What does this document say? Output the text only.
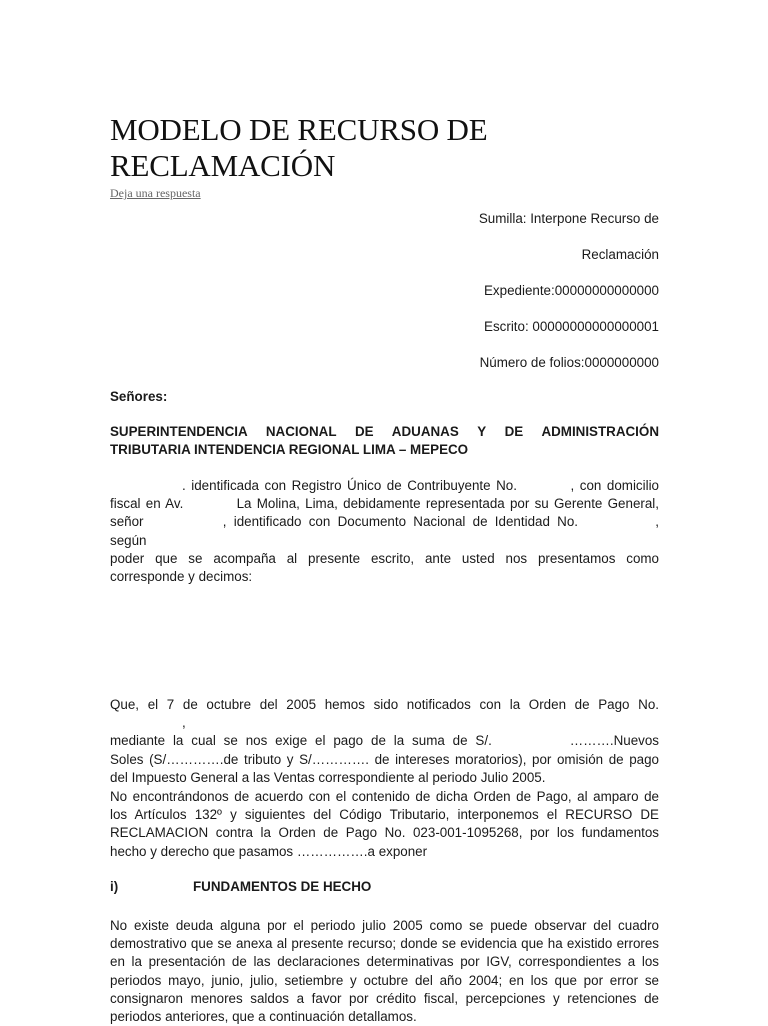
MODELO DE RECURSO DE
RECLAMACIÓN
Deja una respuesta

Sumilla: Interpone Recurso de

Reclamación

Expediente:00000000000000

Escrito: 00000000000000001

Número de folios:0000000000

Señores:

SUPERINTENDENCIA NACIONAL DE ADUANAS Y DE ADMINISTRACIÓN
TRIBUTARIA INTENDENCIA REGIONAL LIMA – MEPECO

. identificada con Registro Único de Contribuyente No.	, con domicilio
fiscal en Av.	La Molina, Lima, debidamente representada por su Gerente General,
señor	, identificado con Documento Nacional de Identidad No.	, según
poder que se acompaña al presente escrito, ante usted nos presentamos como
corresponde y decimos:
Que, el 7 de octubre del 2005 hemos sido notificados con la Orden de Pago No. ,
mediante la cual se nos exige el pago de la suma de S/.	……….Nuevos
Soles (S/………….de tributo y S/…………. de intereses moratorios), por omisión de pago
del Impuesto General a las Ventas correspondiente al periodo Julio 2005.
No encontrándonos de acuerdo con el contenido de dicha Orden de Pago, al amparo de
los Artículos 132º y siguientes del Código Tributario, interponemos el RECURSO DE
RECLAMACION contra la Orden de Pago No. 023-001-1095268, por los fundamentos
hecho y derecho que pasamos …………….a exponer

i)	FUNDAMENTOS DE HECHO

No existe deuda alguna por el periodo julio 2005 como se puede observar del cuadro
demostrativo que se anexa al presente recurso; donde se evidencia que ha existido errores
en la presentación de las declaraciones determinativas por IGV, correspondientes a los
periodos mayo, junio, julio, setiembre y octubre del año 2004; en los que por error se
consignaron menores saldos a favor por crédito fiscal, percepciones y retenciones de
periodos anteriores, que a continuación detallamos.
